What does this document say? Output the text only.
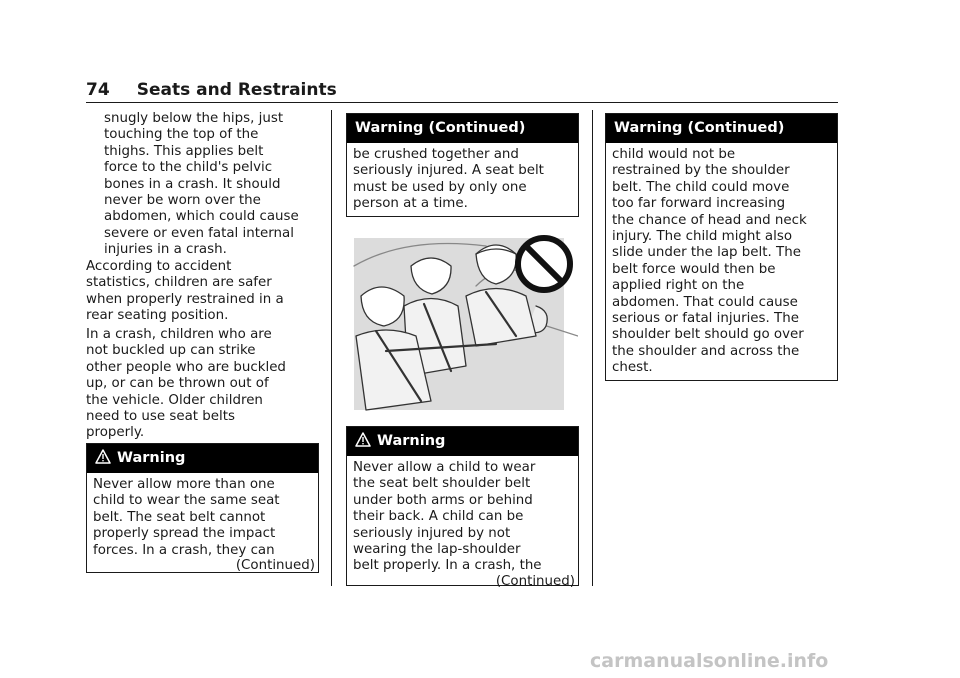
74 Seats and Restraints
snugly below the hips, just
touching the top of the
thighs. This applies belt
force to the child's pelvic
bones in a crash. It should
never be worn over the
abdomen, which could cause
severe or even fatal internal
injuries in a crash.
According to accident
statistics, children are safer
when properly restrained in a
rear seating position.
In a crash, children who are
not buckled up can strike
other people who are buckled
up, or can be thrown out of
the vehicle. Older children
need to use seat belts
properly.
Warning
Never allow more than one
child to wear the same seat
belt. The seat belt cannot
properly spread the impact
forces. In a crash, they can
(Continued)
Warning (Continued)
be crushed together and
seriously injured. A seat belt
must be used by only one
person at a time.
Warning
Never allow a child to wear
the seat belt shoulder belt
under both arms or behind
their back. A child can be
seriously injured by not
wearing the lap-shoulder
belt properly. In a crash, the
(Continued)
Warning (Continued)
child would not be
restrained by the shoulder
belt. The child could move
too far forward increasing
the chance of head and neck
injury. The child might also
slide under the lap belt. The
belt force would then be
applied right on the
abdomen. That could cause
serious or fatal injuries. The
shoulder belt should go over
the shoulder and across the
chest.
carmanualsonline.info
